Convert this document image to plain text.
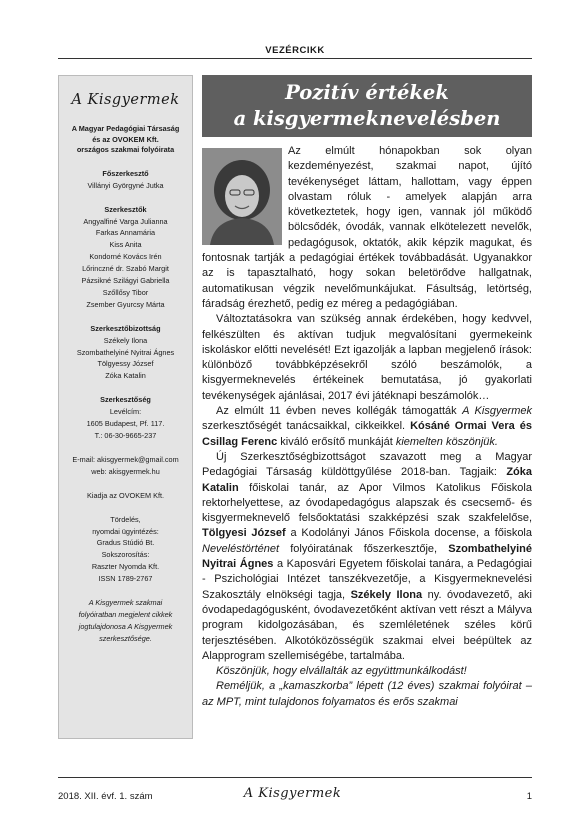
VEZÉRCIKK
A Kisgyermek
A Magyar Pedagógiai Társaság
és az OVOKEM Kft.
országos szakmai folyóirata
Főszerkesztő
Villányi Györgyné Jutka
Szerkesztők
Angyalfiné Varga Julianna
Farkas Annamária
Kiss Anita
Kondorné Kovács Irén
Lőrinczné dr. Szabó Margit
Pázsikné Szilágyi Gabriella
Szőllősy Tibor
Zsember Gyurcsy Márta
Szerkesztőbizottság
Székely Ilona
Szombathelyiné Nyitrai Ágnes
Tölgyessy József
Zóka Katalin
Szerkesztőség
Levélcím:
1605 Budapest, Pf. 117.
T.: 06-30-9665-237
E-mail: akisgyermek@gmail.com
web: akisgyermek.hu
Kiadja az OVOKEM Kft.
Tördelés,
nyomdai ügyintézés:
Gradus Stúdió Bt.
Sokszorosítás:
Raszter Nyomda Kft.
ISSN 1789-2767
A Kisgyermek szakmai
folyóiratban megjelent cikkek
jogtulajdonosa A Kisgyermek
szerkesztősége.
Pozitív értékek
a kisgyermeknevelésben

Az elmúlt hónapokban sok olyan kezdeményezést, szakmai napot, újító tevékenységet láttam, hallottam, vagy éppen olvastam róluk - amelyek alapján arra következtetek, hogy igen, vannak jól működő bölcsődék, óvodák, vannak elkötelezett nevelők, pedagógusok, oktatók, akik képzik magukat, és fontosnak tartják a pedagógiai értékek továbbadását. Ugyanakkor az is tapasztalható, hogy sokan beletörődve hallgatnak, automatikusan végzik nevelőmunkájukat. Fásultság, letörtség, fáradság érezhető, pedig ez méreg a pedagógiában.

Változtatásokra van szükség annak érdekében, hogy kedvvel, felkészülten és aktívan tudjuk megvalósítani gyermekeink iskoláskor előtti nevelését! Ezt igazolják a lapban megjelenő írások: különböző továbbképzésekről szóló beszámolók, a kisgyermeknevelés értékeinek bemutatása, jó gyakorlati tevékenységek ajánlásai, 2017 évi játéknapi beszámolók…

Az elmúlt 11 évben neves kollégák támogatták A Kisgyermek szerkesztőségét tanácsaikkal, cikkeikkel. Kósáné Ormai Vera és Csillag Ferenc kiváló erősítő munkáját kiemelten köszönjük.

Új Szerkesztőségbizottságot szavazott meg a Magyar Pedagógiai Társaság küldöttgyűlése 2018-ban. Tagjaik: Zóka Katalin főiskolai tanár, az Apor Vilmos Katolikus Főiskola rektorhelyettese, az óvodapedagógus alapszak és csecsemő- és kisgyermeknevelő felsőoktatási szakképzési szak szakfelelőse, Tölgyesi József a Kodolányi János Főiskola docense, a főiskola Neveléstörténet folyóiratának főszerkesztője, Szombathelyiné Nyitrai Ágnes a Kaposvári Egyetem főiskolai tanára, a Pedagógiai - Pszichológiai Intézet tanszékvezetője, a Kisgyermeknevelési Szakosztály elnökségi tagja, Székely Ilona ny. óvodavezető, aki óvodapedagógusként, óvodavezetőként aktívan vett részt a Mályva program kidolgozásában, és szemléletének széles körű terjesztésében. Alkotóközösségük szakmai elvei beépültek az Alapprogram szellemiségébe, tartalmába.

Köszönjük, hogy elvállalták az együttmunkálkodást!

Reméljük, a „kamaszkorba” lépett (12 éves) szakmai folyóirat – az MPT, mint tulajdonos folyamatos és erős szakmai

2018. XII. évf. 1. szám	A Kisgyermek	1
